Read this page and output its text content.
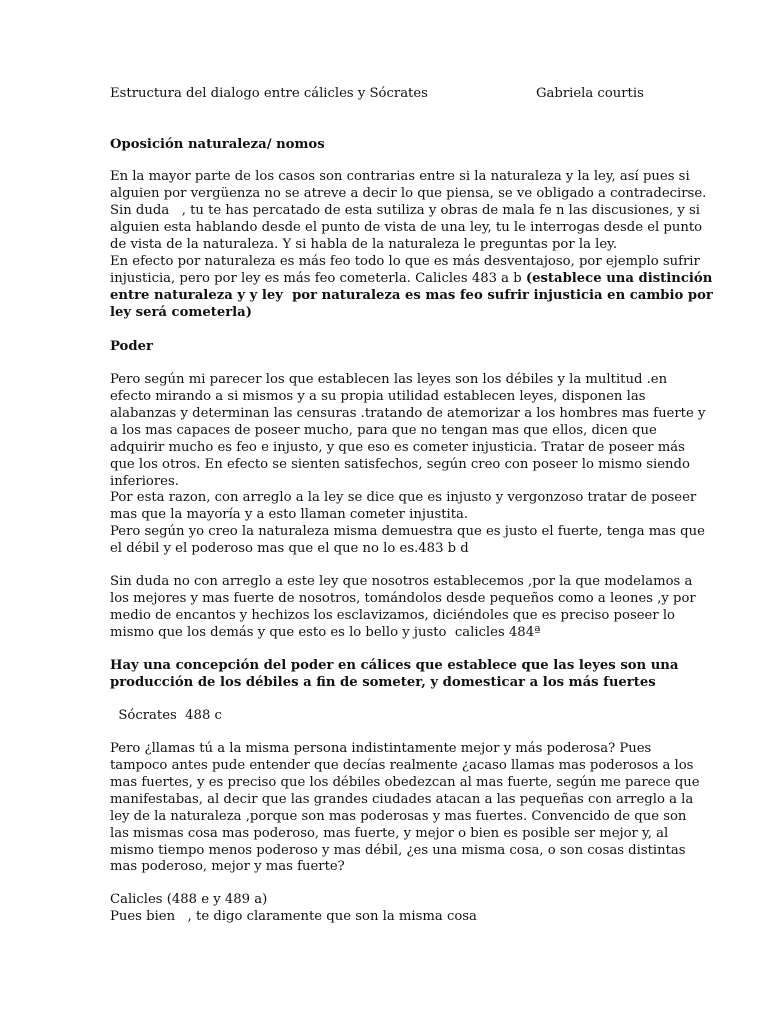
Estructura del dialogo entre cálicles y Sócrates	Gabriela courtis
Oposición naturaleza/ nomos
En la mayor parte de los casos son contrarias entre si la naturaleza y la ley, así pues si
alguien por vergüenza no se atreve a decir lo que piensa, se ve obligado a contradecirse.
Sin duda   , tu te has percatado de esta sutiliza y obras de mala fe n las discusiones, y si
alguien esta hablando desde el punto de vista de una ley, tu le interrogas desde el punto
de vista de la naturaleza. Y si habla de la naturaleza le preguntas por la ley.
En efecto por naturaleza es más feo todo lo que es más desventajoso, por ejemplo sufrir
injusticia, pero por ley es más feo cometerla. Calicles 483 a b (establece una distinción
entre naturaleza y y ley  por naturaleza es mas feo sufrir injusticia en cambio por
ley será cometerla)
Poder
Pero según mi parecer los que establecen las leyes son los débiles y la multitud .en
efecto mirando a si mismos y a su propia utilidad establecen leyes, disponen las
alabanzas y determinan las censuras .tratando de atemorizar a los hombres mas fuerte y
a los mas capaces de poseer mucho, para que no tengan mas que ellos, dicen que
adquirir mucho es feo e injusto, y que eso es cometer injusticia. Tratar de poseer más
que los otros. En efecto se sienten satisfechos, según creo con poseer lo mismo siendo
inferiores.
Por esta razon, con arreglo a la ley se dice que es injusto y vergonzoso tratar de poseer
mas que la mayoría y a esto llaman cometer injustita.
Pero según yo creo la naturaleza misma demuestra que es justo el fuerte, tenga mas que
el débil y el poderoso mas que el que no lo es.483 b d
Sin duda no con arreglo a este ley que nosotros establecemos ,por la que modelamos a
los mejores y mas fuerte de nosotros, tomándolos desde pequeños como a leones ,y por
medio de encantos y hechizos los esclavizamos, diciéndoles que es preciso poseer lo
mismo que los demás y que esto es lo bello y justo  calicles 484ª
Hay una concepción del poder en cálices que establece que las leyes son una
producción de los débiles a fin de someter, y domesticar a los más fuertes
Sócrates  488 c
Pero ¿llamas tú a la misma persona indistintamente mejor y más poderosa? Pues
tampoco antes pude entender que decías realmente ¿acaso llamas mas poderosos a los
mas fuertes, y es preciso que los débiles obedezcan al mas fuerte, según me parece que
manifestabas, al decir que las grandes ciudades atacan a las pequeñas con arreglo a la
ley de la naturaleza ,porque son mas poderosas y mas fuertes. Convencido de que son
las mismas cosa mas poderoso, mas fuerte, y mejor o bien es posible ser mejor y, al
mismo tiempo menos poderoso y mas débil, ¿es una misma cosa, o son cosas distintas
mas poderoso, mejor y mas fuerte?
Calicles (488 e y 489 a)
Pues bien   , te digo claramente que son la misma cosa
